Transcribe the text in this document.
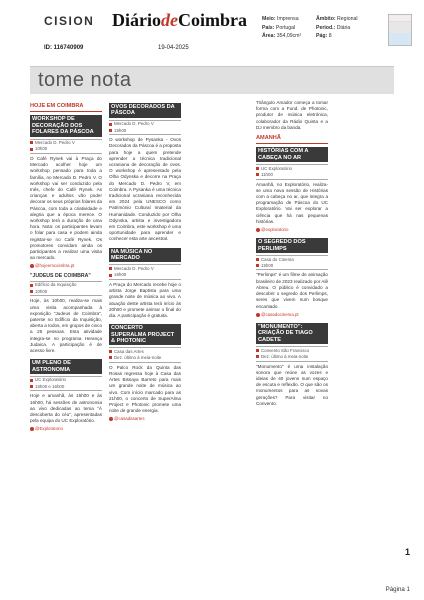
CISION DiáriodeCoimbra	Meio: Imprensa
País: Portugal
Área: 354,09cm²
Âmbito: Regional
Period.: Diária
Pág: 8
ID: 116740909	19-04-2025
tome nota
HOJE EM COIMBRA
WORKSHOP DE DECORAÇÃO DOS FOLARES DA PÁSCOA
Mercado D. Pedro V
10h00
O Café Rynek vai à Praça do Mercado acolher hoje um workshop pensado para toda a família, no Mercado D. Pedro V. O workshop vai ser conduzido pela Inês, chefe do Café Rynek. As crianças e adultos vão poder decorar os seus próprios folares da Páscoa, com toda a criatividade e alegria que a época merece. O workshop terá a duração de uma hora. Nota: os participantes levam o folar para casa e podem ainda registar-se no Café Rynek. Os promotores convidam ainda os participantes a realizar uma visita ao mercado.
@hojeemcoimbra.pt
"JUDEUS DE COIMBRA"
Edifício da Inquisição
10h00
Hoje, às 10h00, realiza-se mais uma visita acompanhada à exposição "Judeus de Coimbra", patente no Edifício da Inquisição, aberta a todos, em grupos de cinco a 25 pessoas. Esta atividade integra-se no programa Herança Judaica. A participação é de acesso livre.
UM PLENO DE ASTRONOMIA
UC Exploratório
15h00 e 16h00
Hoje e amanhã, às 15h00 e às 16h00, há sessões de astronomia ao vivo dedicadas ao tema "À descoberta do céu", apresentadas pela equipa do UC Exploratório.
@Exploratorio
OVOS DECORADOS DA PÁSCOA
Mercado D. Pedro V
15h00
O workshop de Pysanka - Ovos Decorados da Páscoa é a proposta para hoje a quem pretende aprender a técnica tradicional ucraniana de decoração de ovos. O workshop é apresentado pela Olha Odynska e decorre na Praça do Mercado D. Pedro V, em Coimbra. A Pysanka é uma técnica tradicional ucraniana reconhecida em 2024 pela UNESCO como Património Cultural Imaterial da Humanidade. Conduzido por Olha Odynska, artista e investigadora em Coimbra, este workshop é uma oportunidade para aprender e conhecer esta arte ancestral.
NA MÚSICA NO MERCADO
Mercado D. Pedro V
16h00
A Praça do Mercado recebe hoje o artista Jorge Baptista para uma grande noite de música ao vivo. A atuação deste artista terá início às 20h00 e promete animar o final do dia. A participação é gratuita.
CONCERTO SUPERALMA PROJECT & PHOTONIC
Casa das Artes
Dez. último à meia-noite
O Palco Rock da Quinta das Rosas regressa hoje à Casa das Artes Bissaya Barreto para mais um grande noite de música ao vivo. Com início marcado para as 21h00, o concerto de SuperAlma Project e Photonic promete uma noite de grande energia.
@casadasartes
Triângulo Amador começa a tomar forma com a Fund. de Photonic, produtor de música eletrónica, colaborador da Rádio Quinta e a DJ membro da banda.
AMANHÃ
HISTÓRIAS COM A CABEÇA NO AR
UC Exploratório
11h00
Amanhã, no Exploratório, realiza-se uma nova sessão de Histórias com a cabeça no ar, que integra a programação de Páscoa do UC Exploratório. Vai ser explorar a ciência que há nas pequenas histórias.
@exploratorio
O SEGREDO DOS PERLIMPS
Casa do Cinema
15h00
"Perlimps" é um filme de animação brasileiro de 2023 realizado por Alê Abreu. O público é convidado a descobrir o segredo dos Perlimps, seres que vivem num bosque encantado.
@casadocinema.pt
"MONUMENTO": CRIAÇÃO DE TIAGO CADETE
Convento São Francisco
Dez. último à meia-noite
"Monumento" é uma instalação sonora que reúne as vozes e ideias de 40 jovens num espaço de escuta e reflexão. O que são os monumentos para as novas gerações? Para visitar no Convento.
1
Página 1
